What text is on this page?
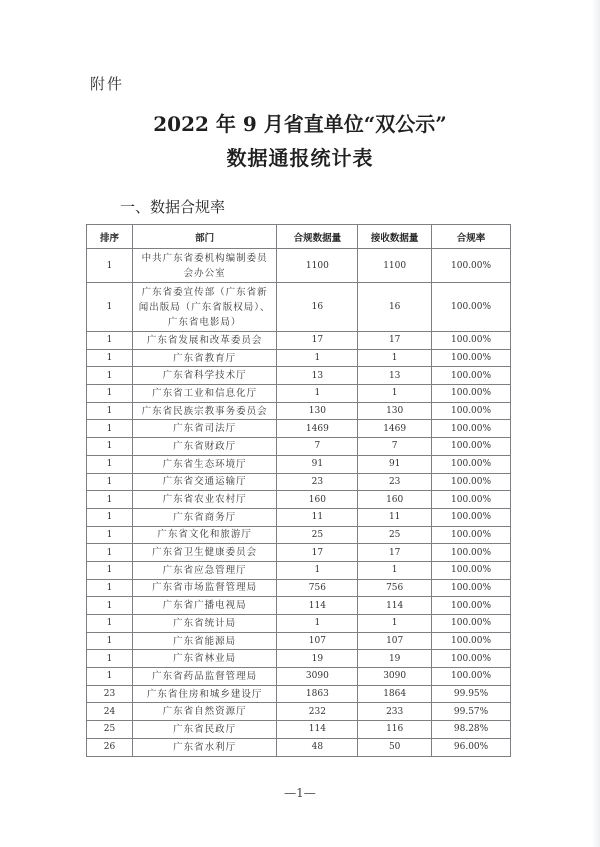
附件
2022 年 9 月省直单位“双公示”
数据通报统计表
一、数据合规率
排序	部门	合规数据量	接收数据量	合规率
1	中共广东省委机构编制委员会办公室	1100	1100	100.00%
1	广东省委宣传部（广东省新闻出版局（广东省版权局）、广东省电影局）	16	16	100.00%
1	广东省发展和改革委员会	17	17	100.00%
1	广东省教育厅	1	1	100.00%
1	广东省科学技术厅	13	13	100.00%
1	广东省工业和信息化厅	1	1	100.00%
1	广东省民族宗教事务委员会	130	130	100.00%
1	广东省司法厅	1469	1469	100.00%
1	广东省财政厅	7	7	100.00%
1	广东省生态环境厅	91	91	100.00%
1	广东省交通运输厅	23	23	100.00%
1	广东省农业农村厅	160	160	100.00%
1	广东省商务厅	11	11	100.00%
1	广东省文化和旅游厅	25	25	100.00%
1	广东省卫生健康委员会	17	17	100.00%
1	广东省应急管理厅	1	1	100.00%
1	广东省市场监督管理局	756	756	100.00%
1	广东省广播电视局	114	114	100.00%
1	广东省统计局	1	1	100.00%
1	广东省能源局	107	107	100.00%
1	广东省林业局	19	19	100.00%
1	广东省药品监督管理局	3090	3090	100.00%
23	广东省住房和城乡建设厅	1863	1864	99.95%
24	广东省自然资源厅	232	233	99.57%
25	广东省民政厅	114	116	98.28%
26	广东省水利厅	48	50	96.00%
—1—
